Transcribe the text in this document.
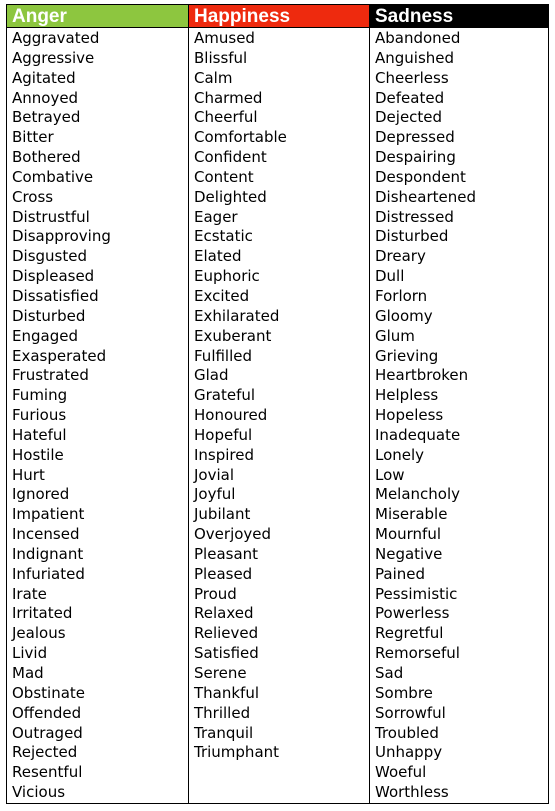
Anger
Aggravated
Aggressive
Agitated
Annoyed
Betrayed
Bitter
Bothered
Combative
Cross
Distrustful
Disapproving
Disgusted
Displeased
Dissatisfied
Disturbed
Engaged
Exasperated
Frustrated
Fuming
Furious
Hateful
Hostile
Hurt
Ignored
Impatient
Incensed
Indignant
Infuriated
Irate
Irritated
Jealous
Livid
Mad
Obstinate
Offended
Outraged
Rejected
Resentful
Vicious
Happiness
Amused
Blissful
Calm
Charmed
Cheerful
Comfortable
Confident
Content
Delighted
Eager
Ecstatic
Elated
Euphoric
Excited
Exhilarated
Exuberant
Fulfilled
Glad
Grateful
Honoured
Hopeful
Inspired
Jovial
Joyful
Jubilant
Overjoyed
Pleasant
Pleased
Proud
Relaxed
Relieved
Satisfied
Serene
Thankful
Thrilled
Tranquil
Triumphant
Sadness
Abandoned
Anguished
Cheerless
Defeated
Dejected
Depressed
Despairing
Despondent
Disheartened
Distressed
Disturbed
Dreary
Dull
Forlorn
Gloomy
Glum
Grieving
Heartbroken
Helpless
Hopeless
Inadequate
Lonely
Low
Melancholy
Miserable
Mournful
Negative
Pained
Pessimistic
Powerless
Regretful
Remorseful
Sad
Sombre
Sorrowful
Troubled
Unhappy
Woeful
Worthless
